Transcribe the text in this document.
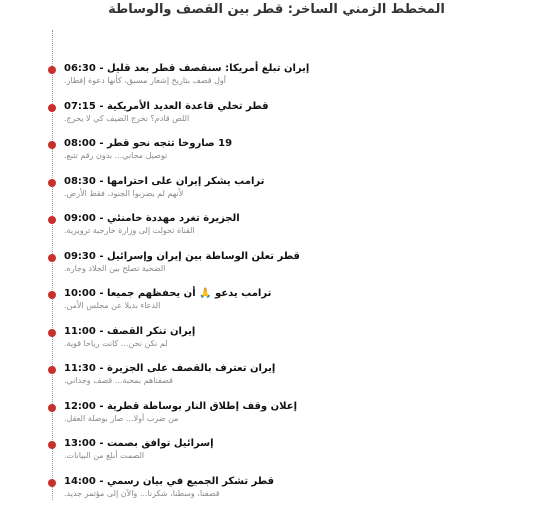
المخطط الزمني الساخر: قطر بين القصف والوساطة
06:30 - إيران تبلغ أمريكا: سنقصف قطر بعد قليل
أول قصف بتاريخ إشعار مسبق، كأنها دعوة إفطار.
07:15 - قطر تخلي قاعدة العديد الأمريكية
اللص قادم؟ نخرج الضيف كي لا يحرج.
08:00 - 19 صاروخا تتجه نحو قطر
توصيل مجاني... بدون رقم تتبع.
08:30 - ترامب يشكر إيران على احترامها
لأنهم لم يضربوا الجنود، فقط الأرض.
09:00 - الجزيرة تغرد مهددة خامنئي
القناة تحولت إلى وزارة خارجية ترويرية.
09:30 - قطر تعلن الوساطة بين إيران وإسرائيل
الضحية تصلح بين الجلاد وجاره.
10:00 - ترامب يدعو 🙏 أن يحفظهم جميعا
الدعاء بديلا عن مجلس الأمن.
11:00 - إيران تنكر القصف
لم نكن نحن... كانت رياحا قوية.
11:30 - إيران تعترف بالقصف على الجزيرة
قصفناهم بمحبة... قصف وجداني.
12:00 - إعلان وقف إطلاق النار بوساطة قطرية
من ضرب أولا... صار بوصلة العقل.
13:00 - إسرائيل توافق بصمت
الصمت أبلغ من البيانات.
14:00 - قطر تشكر الجميع في بيان رسمي
قصفنا، وسطنا، شكرنا... والآن إلى مؤتمر جديد.
